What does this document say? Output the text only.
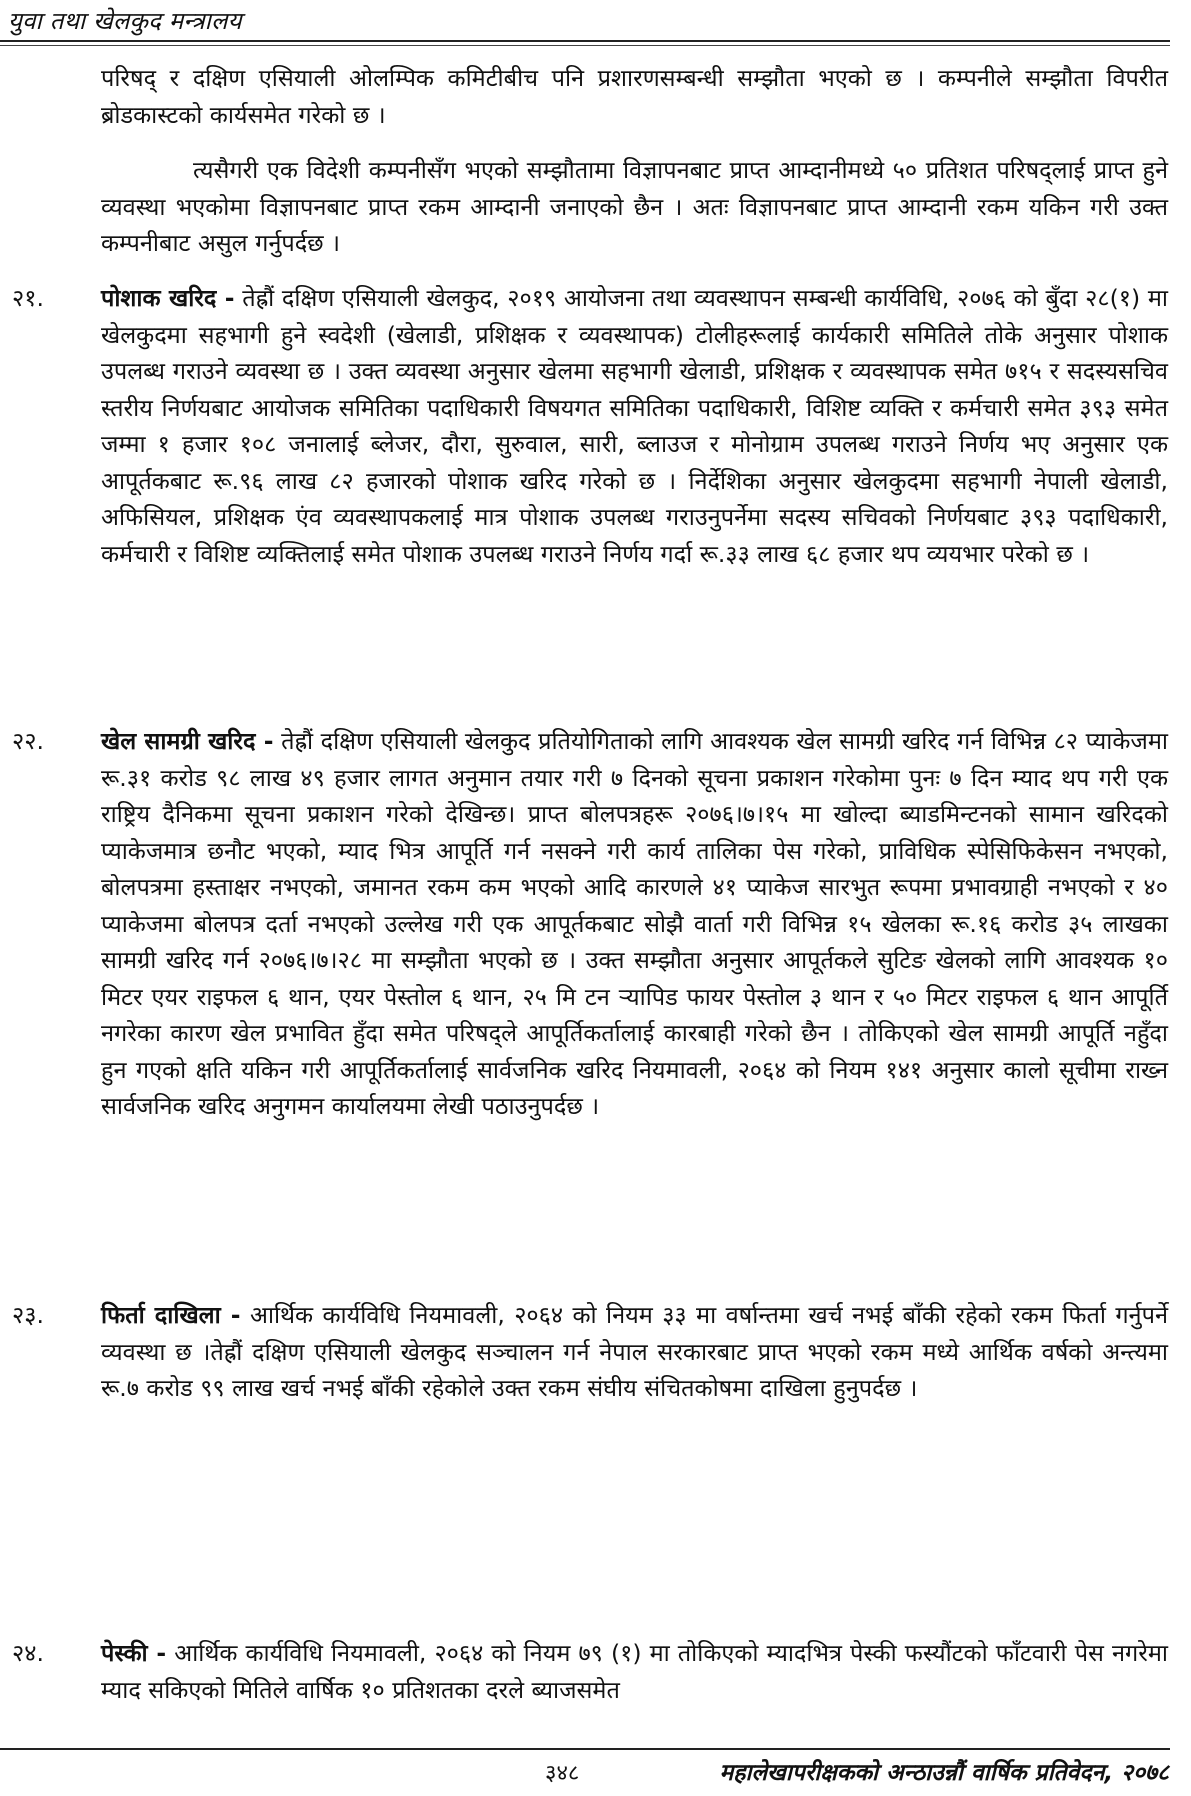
युवा तथा खेलकुद मन्त्रालय
परिषद् र दक्षिण एसियाली ओलम्पिक कमिटीबीच पनि प्रशारणसम्बन्धी सम्झौता भएको छ । कम्पनीले सम्झौता विपरीत ब्रोडकास्टको कार्यसमेत गरेको छ ।
त्यसैगरी एक विदेशी कम्पनीसँग भएको सम्झौतामा विज्ञापनबाट प्राप्त आम्दानीमध्ये ५० प्रतिशत परिषद्लाई प्राप्त हुने व्यवस्था भएकोमा विज्ञापनबाट प्राप्त रकम आम्दानी जनाएको छैन । अतः विज्ञापनबाट प्राप्त आम्दानी रकम यकिन गरी उक्त कम्पनीबाट असुल गर्नुपर्दछ ।
२१. पोशाक खरिद - तेह्रौं दक्षिण एसियाली खेलकुद, २०१९ आयोजना तथा व्यवस्थापन सम्बन्धी कार्यविधि, २०७६ को बुँदा २८(१) मा खेलकुदमा सहभागी हुने स्वदेशी (खेलाडी, प्रशिक्षक र व्यवस्थापक) टोलीहरूलाई कार्यकारी समितिले तोके अनुसार पोशाक उपलब्ध गराउने व्यवस्था छ । उक्त व्यवस्था अनुसार खेलमा सहभागी खेलाडी, प्रशिक्षक र व्यवस्थापक समेत ७१५ र सदस्यसचिव स्तरीय निर्णयबाट आयोजक समितिका पदाधिकारी विषयगत समितिका पदाधिकारी, विशिष्ट व्यक्ति र कर्मचारी समेत ३९३ समेत जम्मा १ हजार १०८ जनालाई ब्लेजर, दौरा, सुरुवाल, सारी, ब्लाउज र मोनोग्राम उपलब्ध गराउने निर्णय भए अनुसार एक आपूर्तकबाट रू.९६ लाख ८२ हजारको पोशाक खरिद गरेको छ । निर्देशिका अनुसार खेलकुदमा सहभागी नेपाली खेलाडी, अफिसियल, प्रशिक्षक एंव व्यवस्थापकलाई मात्र पोशाक उपलब्ध गराउनुपर्नेमा सदस्य सचिवको निर्णयबाट ३९३ पदाधिकारी, कर्मचारी र विशिष्ट व्यक्तिलाई समेत पोशाक उपलब्ध गराउने निर्णय गर्दा रू.३३ लाख ६८ हजार थप व्ययभार परेको छ ।
२२. खेल सामग्री खरिद - तेह्रौं दक्षिण एसियाली खेलकुद प्रतियोगिताको लागि आवश्यक खेल सामग्री खरिद गर्न विभिन्न ८२ प्याकेजमा रू.३१ करोड ९८ लाख ४९ हजार लागत अनुमान तयार गरी ७ दिनको सूचना प्रकाशन गरेकोमा पुनः ७ दिन म्याद थप गरी एक राष्ट्रिय दैनिकमा सूचना प्रकाशन गरेको देखिन्छ। प्राप्त बोलपत्रहरू २०७६।७।१५ मा खोल्दा ब्याडमिन्टनको सामान खरिदको प्याकेजमात्र छनौट भएको, म्याद भित्र आपूर्ति गर्न नसक्ने गरी कार्य तालिका पेस गरेको, प्राविधिक स्पेसिफिकेसन नभएको, बोलपत्रमा हस्ताक्षर नभएको, जमानत रकम कम भएको आदि कारणले ४१ प्याकेज सारभुत रूपमा प्रभावग्राही नभएको र ४० प्याकेजमा बोलपत्र दर्ता नभएको उल्लेख गरी एक आपूर्तकबाट सोझै वार्ता गरी विभिन्न १५ खेलका रू.१६ करोड ३५ लाखका सामग्री खरिद गर्न २०७६।७।२८ मा सम्झौता भएको छ । उक्त सम्झौता अनुसार आपूर्तकले सुटिङ खेलको लागि आवश्यक १० मिटर एयर राइफल ६ थान, एयर पेस्तोल ६ थान, २५ मि टन र्‍यापिड फायर पेस्तोल ३ थान र ५० मिटर राइफल ६ थान आपूर्ति नगरेका कारण खेल प्रभावित हुँदा समेत परिषद्ले आपूर्तिकर्तालाई कारबाही गरेको छैन । तोकिएको खेल सामग्री आपूर्ति नहुँदा हुन गएको क्षति यकिन गरी आपूर्तिकर्तालाई सार्वजनिक खरिद नियमावली, २०६४ को नियम १४१ अनुसार कालो सूचीमा राख्न सार्वजनिक खरिद अनुगमन कार्यालयमा लेखी पठाउनुपर्दछ ।
२३. फिर्ता दाखिला - आर्थिक कार्यविधि नियमावली, २०६४ को नियम ३३ मा वर्षान्तमा खर्च नभई बाँकी रहेको रकम फिर्ता गर्नुपर्ने व्यवस्था छ ।तेह्रौं दक्षिण एसियाली खेलकुद सञ्चालन गर्न नेपाल सरकारबाट प्राप्त भएको रकम मध्ये आर्थिक वर्षको अन्त्यमा रू.७ करोड ९९ लाख खर्च नभई बाँकी रहेकोले उक्त रकम संघीय संचितकोषमा दाखिला हुनुपर्दछ ।
२४. पेस्की - आर्थिक कार्यविधि नियमावली, २०६४ को नियम ७९ (१) मा तोकिएको म्यादभित्र पेस्की फस्यौंटको फाँटवारी पेस नगरेमा म्याद सकिएको मितिले वार्षिक १० प्रतिशतका दरले ब्याजसमेत
३४८	महालेखापरीक्षकको अन्ठाउन्नौं वार्षिक प्रतिवेदन, २०७८
